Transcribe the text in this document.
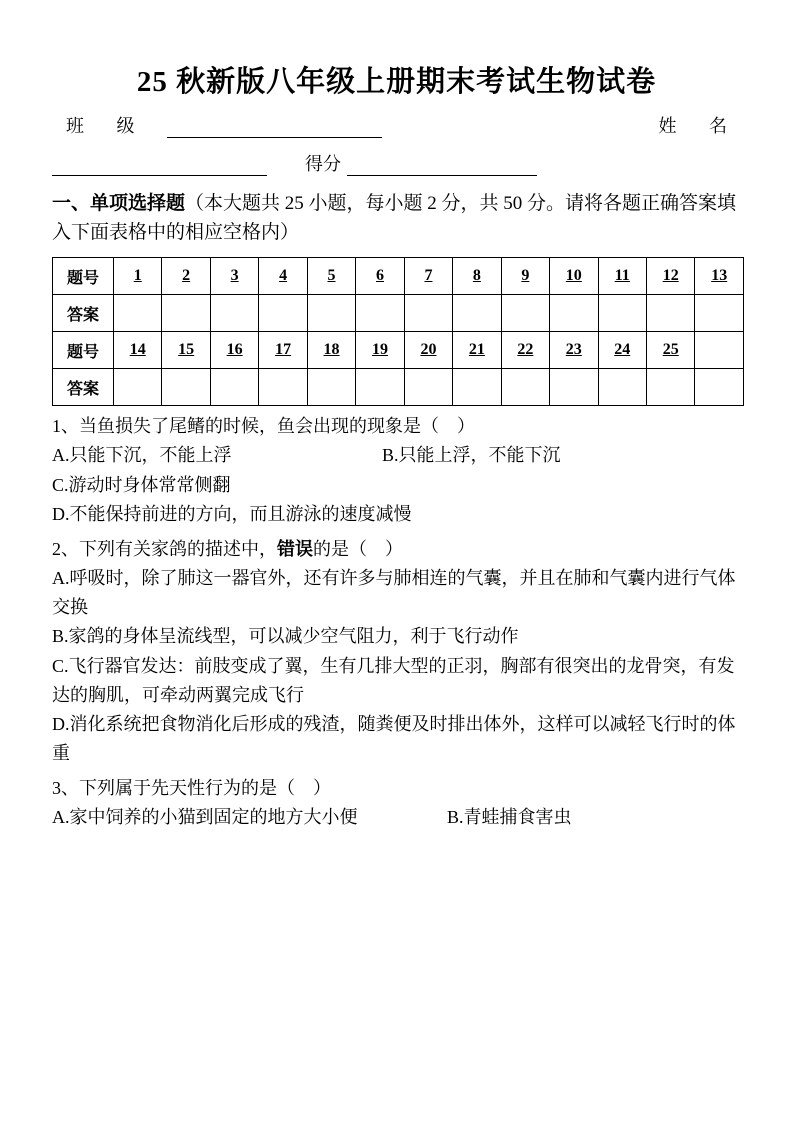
25 秋新版八年级上册期末考试生物试卷
班 级	姓 名
得分
一、单项选择题（本大题共 25 小题，每小题 2 分，共 50 分。请将各题正确答案填入下面表格中的相应空格内）
题号	1	2	3	4	5	6	7	8	9	10	11	12	13
答案													
题号	14	15	16	17	18	19	20	21	22	23	24	25	
答案													
1、当鱼损失了尾鳍的时候，鱼会出现的现象是（　）
A.只能下沉，不能上浮	B.只能上浮，不能下沉
C.游动时身体常常侧翻
D.不能保持前进的方向，而且游泳的速度减慢
2、下列有关家鸽的描述中，错误的是（　）
A.呼吸时，除了肺这一器官外，还有许多与肺相连的气囊，并且在肺和气囊内进行气体交换
B.家鸽的身体呈流线型，可以减少空气阻力，利于飞行动作
C.飞行器官发达：前肢变成了翼，生有几排大型的正羽，胸部有很突出的龙骨突，有发达的胸肌，可牵动两翼完成飞行
D.消化系统把食物消化后形成的残渣，随粪便及时排出体外，这样可以减轻飞行时的体重
3、下列属于先天性行为的是（　）
A.家中饲养的小猫到固定的地方大小便	B.青蛙捕食害虫
